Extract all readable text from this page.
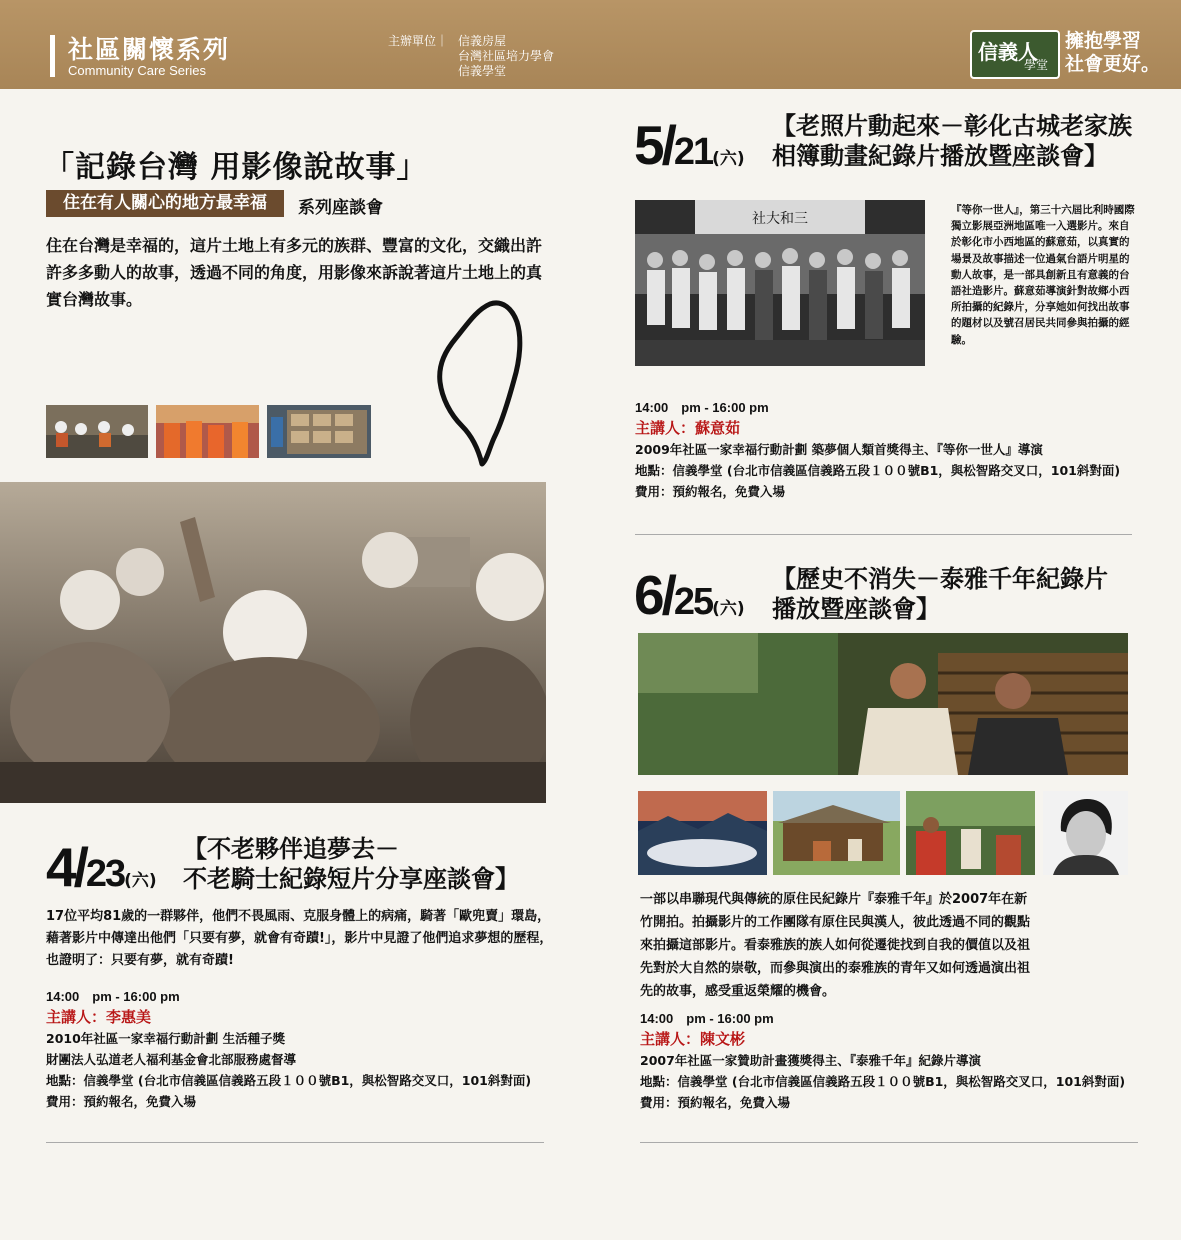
社區關懷系列
Community Care Series
主辦單位｜ 信義房屋
台灣社區培力學會
信義學堂
信義人
學堂
擁抱學習
社會更好。
「記錄台灣 用影像說故事」
住在有人關心的地方最幸福	系列座談會
住在台灣是幸福的，這片土地上有多元的族群、豐富的文化，交織出許許多多動人的故事，透過不同的角度，用影像來訴說著這片土地上的真實台灣故事。
4/23(六)
【不老夥伴追夢去－
不老騎士紀錄短片分享座談會】
17位平均81歲的一群夥伴，他們不畏風雨、克服身體上的病痛，騎著「歐兜賣」環島，藉著影片中傳達出他們「只要有夢，就會有奇蹟!」，影片中見證了他們追求夢想的歷程，也證明了：只要有夢，就有奇蹟!
14:00　pm - 16:00 pm
主講人：李惠美
2010年社區一家幸福行動計劃 生活種子獎
財團法人弘道老人福利基金會北部服務處督導
地點：信義學堂 (台北市信義區信義路五段１００號B1，與松智路交叉口，101斜對面)
費用：預約報名，免費入場
5/21(六)
【老照片動起來－彰化古城老家族
相簿動畫紀錄片播放暨座談會】
社大和三
『等你一世人』，第三十六屆比利時國際獨立影展亞洲地區唯一入選影片。來自於彰化市小西地區的蘇意茹，以真實的場景及故事描述一位過氣台語片明星的動人故事，是一部具創新且有意義的台語社造影片。蘇意茹導演針對故鄉小西所拍攝的紀錄片，分享她如何找出故事的題材以及號召居民共同參與拍攝的經驗。
14:00　pm - 16:00 pm
主講人：蘇意茹
2009年社區一家幸福行動計劃 築夢個人類首獎得主、『等你一世人』導演
地點：信義學堂 (台北市信義區信義路五段１００號B1，與松智路交叉口，101斜對面)
費用：預約報名，免費入場
6/25(六)
【歷史不消失－泰雅千年紀錄片
播放暨座談會】
一部以串聯現代與傳統的原住民紀錄片『泰雅千年』於2007年在新竹開拍。拍攝影片的工作團隊有原住民與漢人，彼此透過不同的觀點來拍攝這部影片。看泰雅族的族人如何從遷徙找到自我的價值以及祖先對於大自然的崇敬，而參與演出的泰雅族的青年又如何透過演出祖先的故事，感受重返榮耀的機會。
14:00　pm - 16:00 pm
主講人：陳文彬
2007年社區一家贊助計畫獲獎得主、『泰雅千年』紀錄片導演
地點：信義學堂 (台北市信義區信義路五段１００號B1，與松智路交叉口，101斜對面)
費用：預約報名，免費入場
